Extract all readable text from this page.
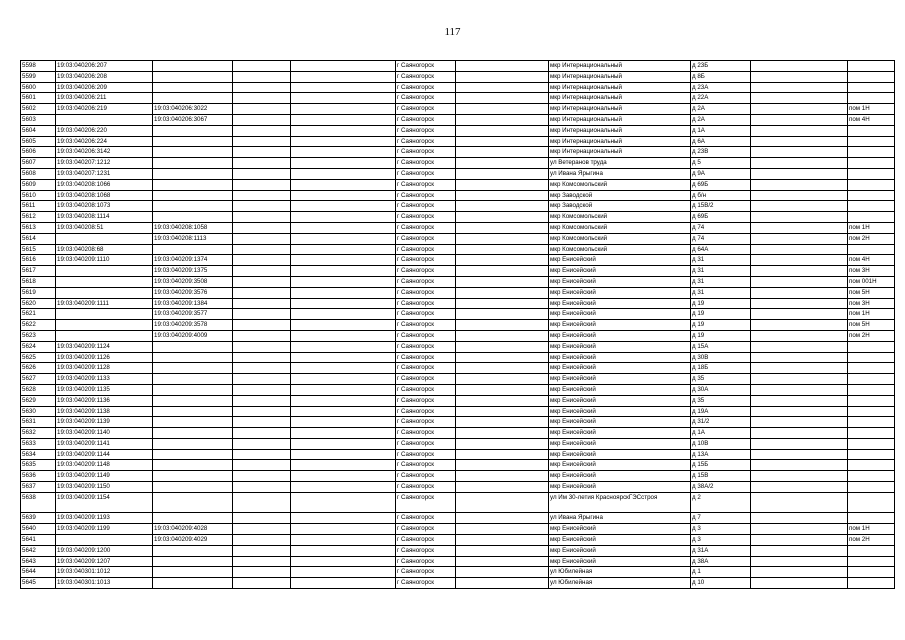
117
5598	19:03:040206:207				г Саяногорск		мкр Интернациональный	д 23Б		
5599	19:03:040206:208				г Саяногорск		мкр Интернациональный	д 8Б		
5600	19:03:040206:209				г Саяногорск		мкр Интернациональный	д 23А		
5601	19:03:040206:211				г Саяногорск		мкр Интернациональный	д 22А		
5602	19:03:040206:219	19:03:040206:3022			г Саяногорск		мкр Интернациональный	д 2А		пом 1Н
5603		19:03:040206:3067			г Саяногорск		мкр Интернациональный	д 2А		пом 4Н
5604	19:03:040206:220				г Саяногорск		мкр Интернациональный	д 1А		
5605	19:03:040206:224				г Саяногорск		мкр Интернациональный	д 6А		
5606	19:03:040206:3142				г Саяногорск		мкр Интернациональный	д 23В		
5607	19:03:040207:1212				г Саяногорск		ул Ветеранов труда	д 5		
5608	19:03:040207:1231				г Саяногорск		ул Ивана Ярыгина	д 9А		
5609	19:03:040208:1066				г Саяногорск		мкр Комсомольский	д 69Б		
5610	19:03:040208:1068				г Саяногорск		мкр Заводской	д б/н		
5611	19:03:040208:1073				г Саяногорск		мкр Заводской	д 15В/2		
5612	19:03:040208:1114				г Саяногорск		мкр Комсомольский	д 69Б		
5613	19:03:040208:51	19:03:040208:1058			г Саяногорск		мкр Комсомольский	д 74		пом 1Н
5614		19:03:040208:1113			г Саяногорск		мкр Комсомольский	д 74		пом 2Н
5615	19:03:040208:68				г Саяногорск		мкр Комсомольский	д 64А		
5616	19:03:040209:1110	19:03:040209:1374			г Саяногорск		мкр Енисейский	д 31		пом 4Н
5617		19:03:040209:1375			г Саяногорск		мкр Енисейский	д 31		пом 3Н
5618		19:03:040209:3508			г Саяногорск		мкр Енисейский	д 31		пом 001Н
5619		19:03:040209:3576			г Саяногорск		мкр Енисейский	д 31		пом 5Н
5620	19:03:040209:1111	19:03:040209:1384			г Саяногорск		мкр Енисейский	д 19		пом 3Н
5621		19:03:040209:3577			г Саяногорск		мкр Енисейский	д 19		пом 1Н
5622		19:03:040209:3578			г Саяногорск		мкр Енисейский	д 19		пом 5Н
5623		19:03:040209:4009			г Саяногорск		мкр Енисейский	д 19		пом 2Н
5624	19:03:040209:1124				г Саяногорск		мкр Енисейский	д 15А		
5625	19:03:040209:1126				г Саяногорск		мкр Енисейский	д 30В		
5626	19:03:040209:1128				г Саяногорск		мкр Енисейский	д 18Б		
5627	19:03:040209:1133				г Саяногорск		мкр Енисейский	д 35		
5628	19:03:040209:1135				г Саяногорск		мкр Енисейский	д 30А		
5629	19:03:040209:1136				г Саяногорск		мкр Енисейский	д 35		
5630	19:03:040209:1138				г Саяногорск		мкр Енисейский	д 19А		
5631	19:03:040209:1139				г Саяногорск		мкр Енисейский	д 31/2		
5632	19:03:040209:1140				г Саяногорск		мкр Енисейский	д 1А		
5633	19:03:040209:1141				г Саяногорск		мкр Енисейский	д 10В		
5634	19:03:040209:1144				г Саяногорск		мкр Енисейский	д 13А		
5635	19:03:040209:1148				г Саяногорск		мкр Енисейский	д 15Б		
5636	19:03:040209:1149				г Саяногорск		мкр Енисейский	д 15В		
5637	19:03:040209:1150				г Саяногорск		мкр Енисейский	д 38А/2		
5638	19:03:040209:1154				г Саяногорск		ул Им 30-летия КрасноярскГЭСстроя	д 2		
5639	19:03:040209:1193				г Саяногорск		ул Ивана Ярыгина	д 7		
5640	19:03:040209:1199	19:03:040209:4028			г Саяногорск		мкр Енисейский	д 3		пом 1Н
5641		19:03:040209:4029			г Саяногорск		мкр Енисейский	д 3		пом 2Н
5642	19:03:040209:1200				г Саяногорск		мкр Енисейский	д 31А		
5643	19:03:040209:1207				г Саяногорск		мкр Енисейский	д 38А		
5644	19:03:040301:1012				г Саяногорск		ул Юбилейная	д 1		
5645	19:03:040301:1013				г Саяногорск		ул Юбилейная	д 10		
